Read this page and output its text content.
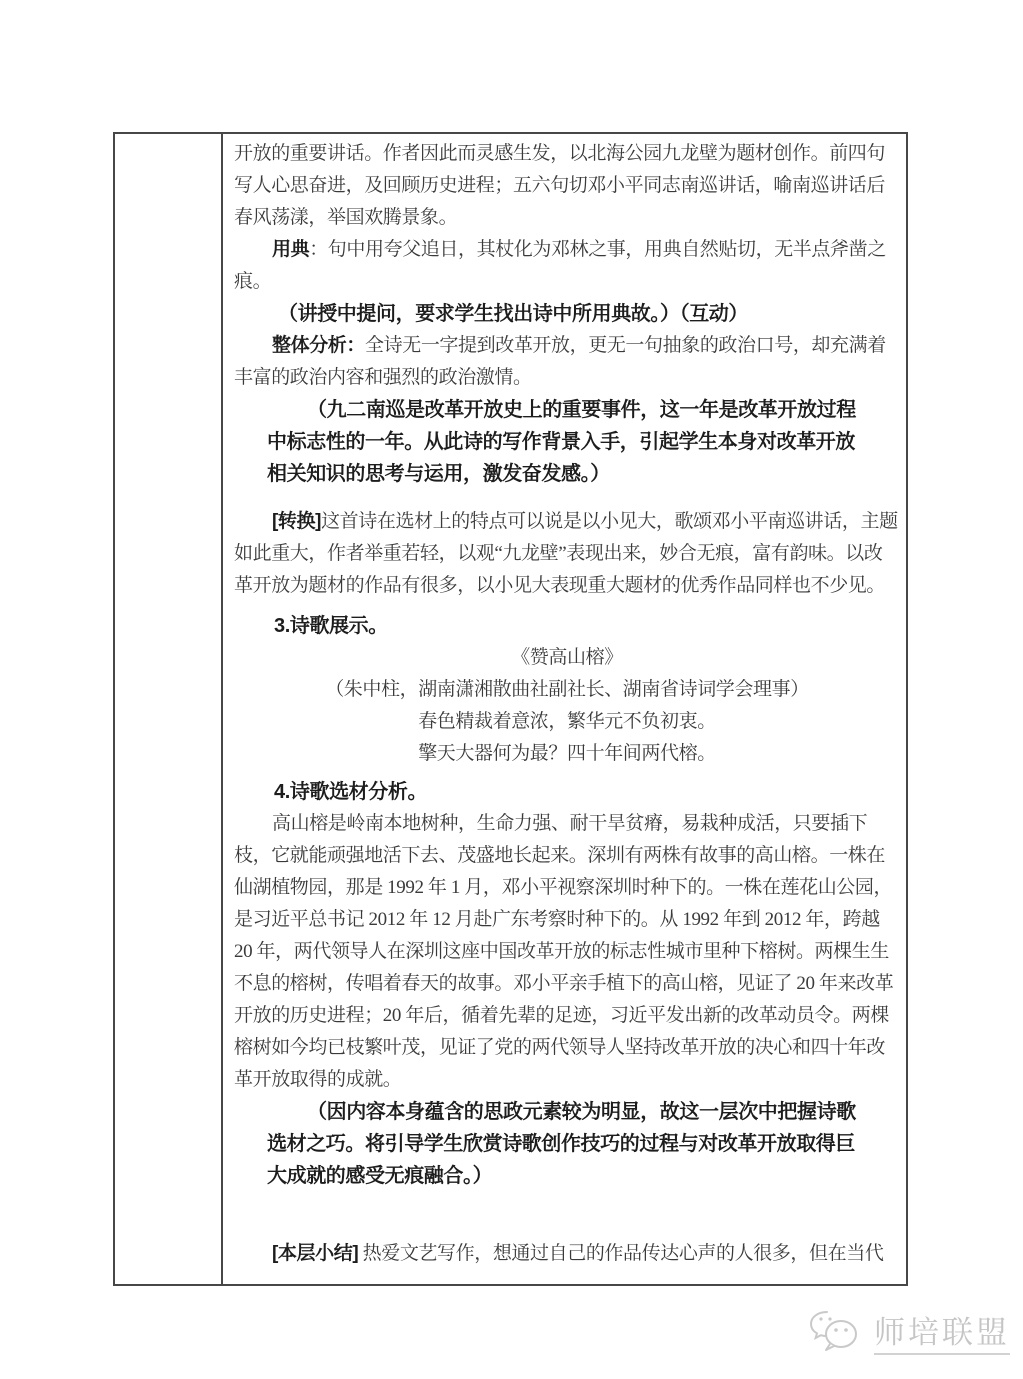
开放的重要讲话。作者因此而灵感生发，以北海公园九龙壁为题材创作。前四句写人心思奋进，及回顾历史进程；五六句切邓小平同志南巡讲话，喻南巡讲话后春风荡漾，举国欢腾景象。
用典：句中用夸父追日，其杖化为邓林之事，用典自然贴切，无半点斧凿之痕。
（讲授中提问，要求学生找出诗中所用典故。）（互动）
整体分析：全诗无一字提到改革开放，更无一句抽象的政治口号，却充满着丰富的政治内容和强烈的政治激情。
（九二南巡是改革开放史上的重要事件，这一年是改革开放过程中标志性的一年。从此诗的写作背景入手，引起学生本身对改革开放相关知识的思考与运用，激发奋发感。）
[转换]这首诗在选材上的特点可以说是以小见大，歌颂邓小平南巡讲话，主题如此重大，作者举重若轻，以观“九龙壁”表现出来，妙合无痕，富有韵味。以改革开放为题材的作品有很多，以小见大表现重大题材的优秀作品同样也不少见。
3.诗歌展示。
《赞高山榕》
（朱中柱，湖南潇湘散曲社副社长、湖南省诗词学会理事）
春色精裁着意浓，繁华元不负初衷。
擎天大器何为最？四十年间两代榕。
4.诗歌选材分析。
高山榕是岭南本地树种，生命力强、耐干旱贫瘠，易栽种成活，只要插下枝，它就能顽强地活下去、茂盛地长起来。深圳有两株有故事的高山榕。一株在仙湖植物园，那是 1992 年 1 月，邓小平视察深圳时种下的。一株在莲花山公园，是习近平总书记 2012 年 12 月赴广东考察时种下的。从 1992 年到 2012 年，跨越 20 年，两代领导人在深圳这座中国改革开放的标志性城市里种下榕树。两棵生生不息的榕树，传唱着春天的故事。邓小平亲手植下的高山榕，见证了 20 年来改革开放的历史进程；20 年后，循着先辈的足迹，习近平发出新的改革动员令。两棵榕树如今均已枝繁叶茂，见证了党的两代领导人坚持改革开放的决心和四十年改革开放取得的成就。
（因内容本身蕴含的思政元素较为明显，故这一层次中把握诗歌选材之巧。将引导学生欣赏诗歌创作技巧的过程与对改革开放取得巨大成就的感受无痕融合。）
[本层小结] 热爱文艺写作，想通过自己的作品传达心声的人很多，但在当代
师培联盟
